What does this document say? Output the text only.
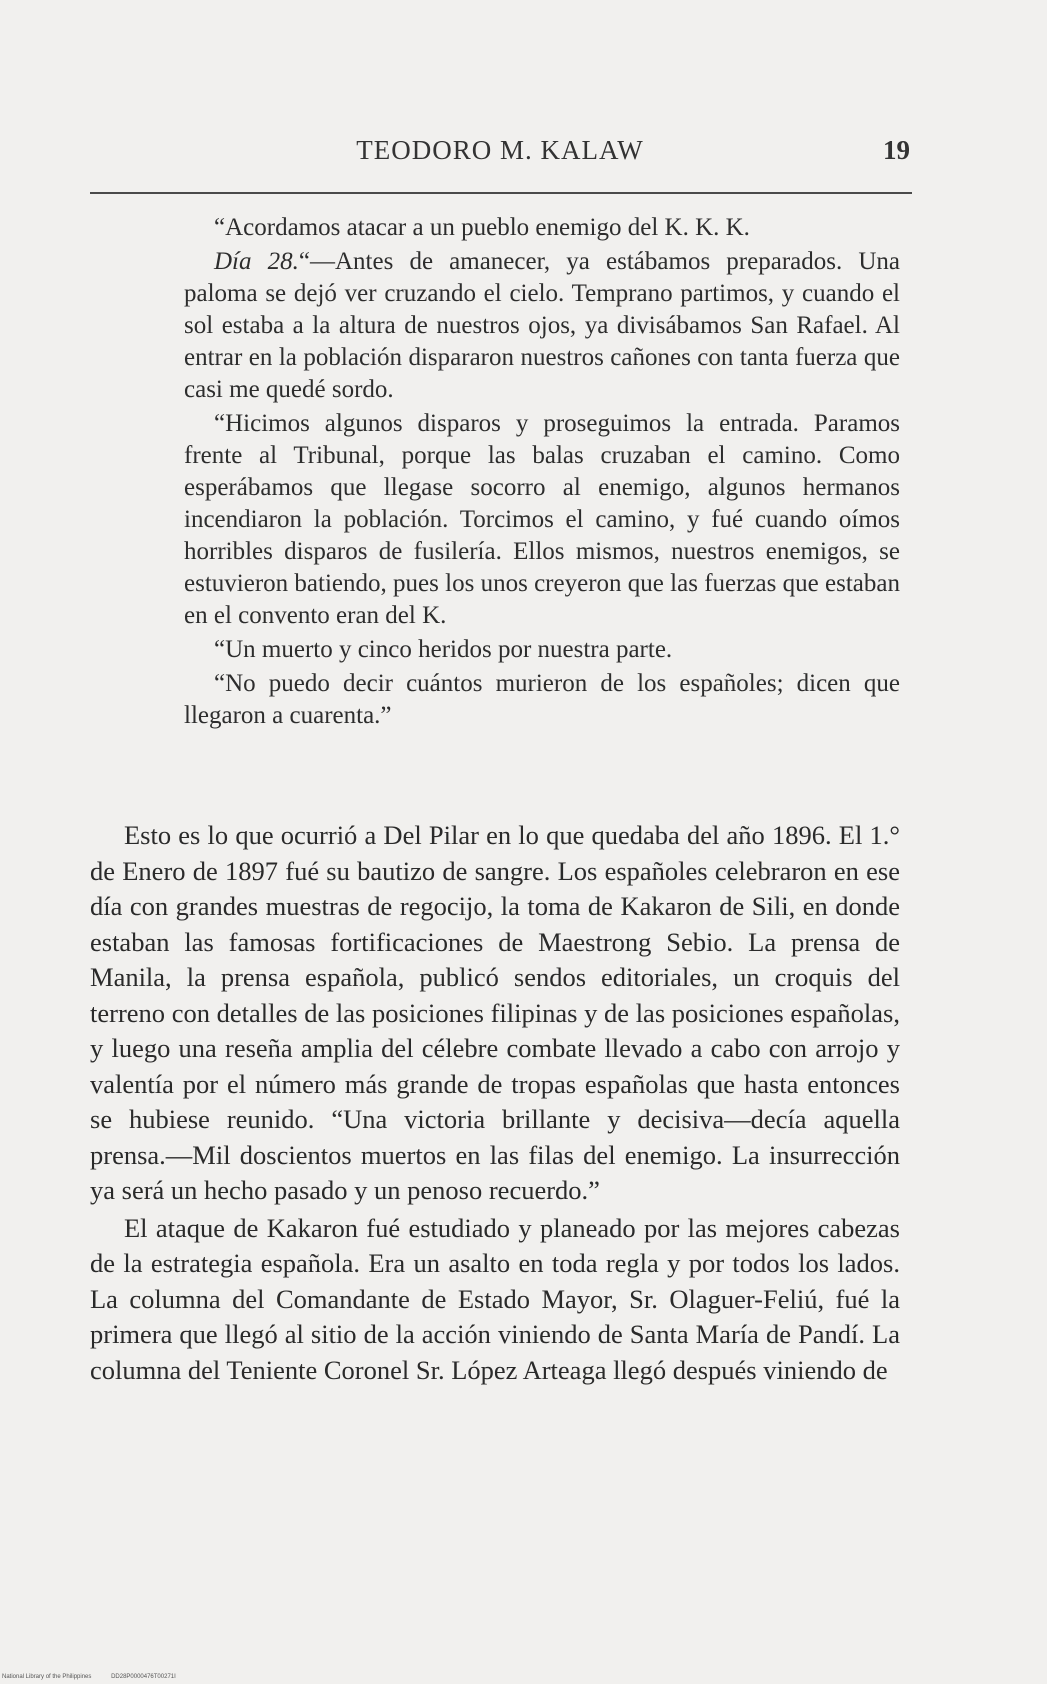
TEODORO M. KALAW	19

“Acordamos atacar a un pueblo enemigo del K. K. K.

Día 28.“—Antes de amanecer, ya estábamos preparados. Una paloma se dejó ver cruzando el cielo. Temprano partimos, y cuando el sol estaba a la altura de nuestros ojos, ya divisábamos San Rafael. Al entrar en la población dispararon nuestros cañones con tanta fuerza que casi me quedé sordo.

“Hicimos algunos disparos y proseguimos la entrada. Paramos frente al Tribunal, porque las balas cruzaban el camino. Como esperábamos que llegase socorro al enemigo, algunos hermanos incendiaron la población. Torcimos el camino, y fué cuando oímos horribles disparos de fusilería. Ellos mismos, nuestros enemigos, se estuvieron batiendo, pues los unos creyeron que las fuerzas que estaban en el convento eran del K.

“Un muerto y cinco heridos por nuestra parte.

“No puedo decir cuántos murieron de los españoles; dicen que llegaron a cuarenta.”

Esto es lo que ocurrió a Del Pilar en lo que quedaba del año 1896. El 1.° de Enero de 1897 fué su bautizo de sangre. Los españoles celebraron en ese día con grandes muestras de regocijo, la toma de Kakaron de Sili, en donde estaban las famosas fortificaciones de Maestrong Sebio. La prensa de Manila, la prensa española, publicó sendos editoriales, un croquis del terreno con detalles de las posiciones filipinas y de las posiciones españolas, y luego una reseña amplia del célebre combate llevado a cabo con arrojo y valentía por el número más grande de tropas españolas que hasta entonces se hubiese reunido. “Una victoria brillante y decisiva—decía aquella prensa.—Mil doscientos muertos en las filas del enemigo. La insurrección ya será un hecho pasado y un penoso recuerdo.”

El ataque de Kakaron fué estudiado y planeado por las mejores cabezas de la estrategia española. Era un asalto en toda regla y por todos los lados. La columna del Comandante de Estado Mayor, Sr. Olaguer-Feliú, fué la primera que llegó al sitio de la acción viniendo de Santa María de Pandí. La columna del Teniente Coronel Sr. López Arteaga llegó después viniendo de

National Library of the Philippines	DD28P0000476T00271I
